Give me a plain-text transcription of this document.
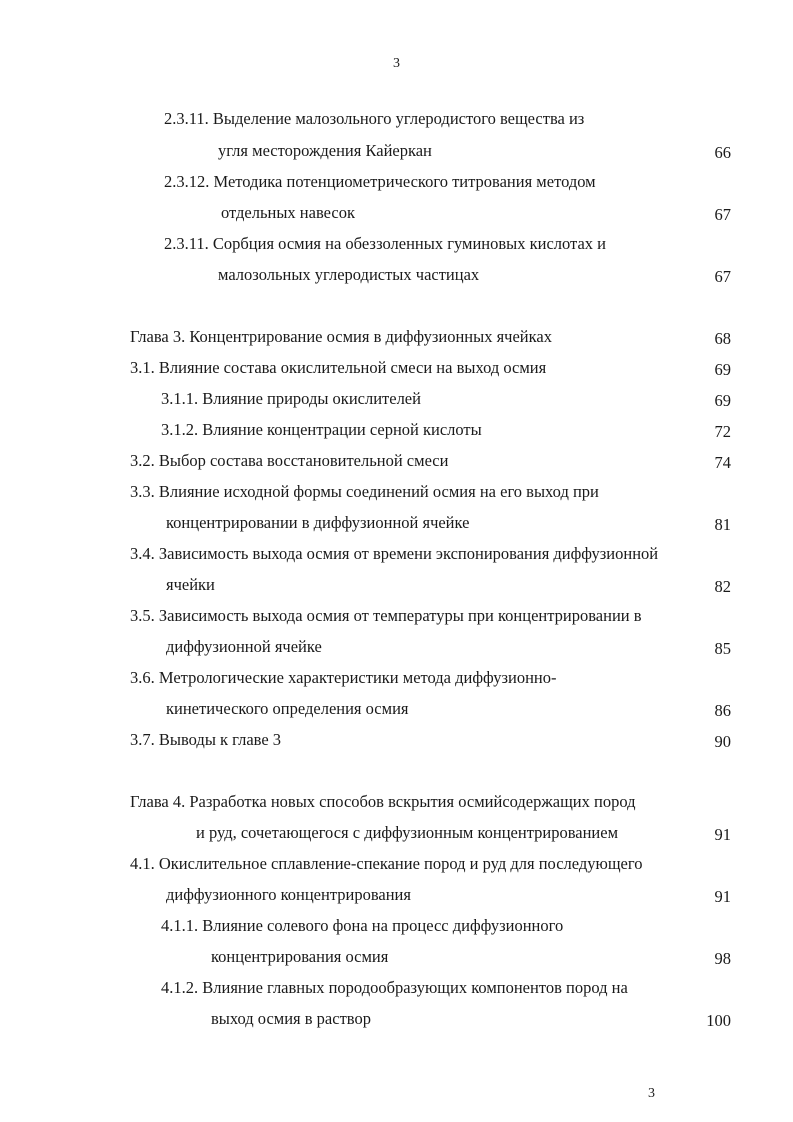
3
2.3.11. Выделение малозольного углеродистого вещества из
угля месторождения Кайеркан	66
2.3.12. Методика потенциометрического титрования методом
отдельных навесок	67
2.3.11. Сорбция осмия на обеззоленных гуминовых кислотах и
малозольных углеродистых частицах	67
Глава 3. Концентрирование осмия в диффузионных ячейках	68
3.1. Влияние состава окислительной смеси на выход осмия	69
3.1.1. Влияние природы окислителей	69
3.1.2. Влияние концентрации серной кислоты	72
3.2. Выбор состава восстановительной смеси	74
3.3. Влияние исходной формы соединений осмия на его выход при
концентрировании в диффузионной ячейке	81
3.4. Зависимость выхода осмия от времени экспонирования диффузионной
ячейки	82
3.5. Зависимость выхода осмия от температуры при концентрировании в
диффузионной ячейке	85
3.6. Метрологические характеристики метода диффузионно-
кинетического определения осмия	86
3.7. Выводы к главе 3	90
Глава 4. Разработка новых способов вскрытия осмийсодержащих пород
и руд, сочетающегося с диффузионным концентрированием	91
4.1. Окислительное сплавление-спекание пород и руд для последующего
диффузионного концентрирования	91
4.1.1. Влияние солевого фона на процесс диффузионного
концентрирования осмия	98
4.1.2. Влияние главных породообразующих компонентов пород на
выход осмия в раствор	100
3
